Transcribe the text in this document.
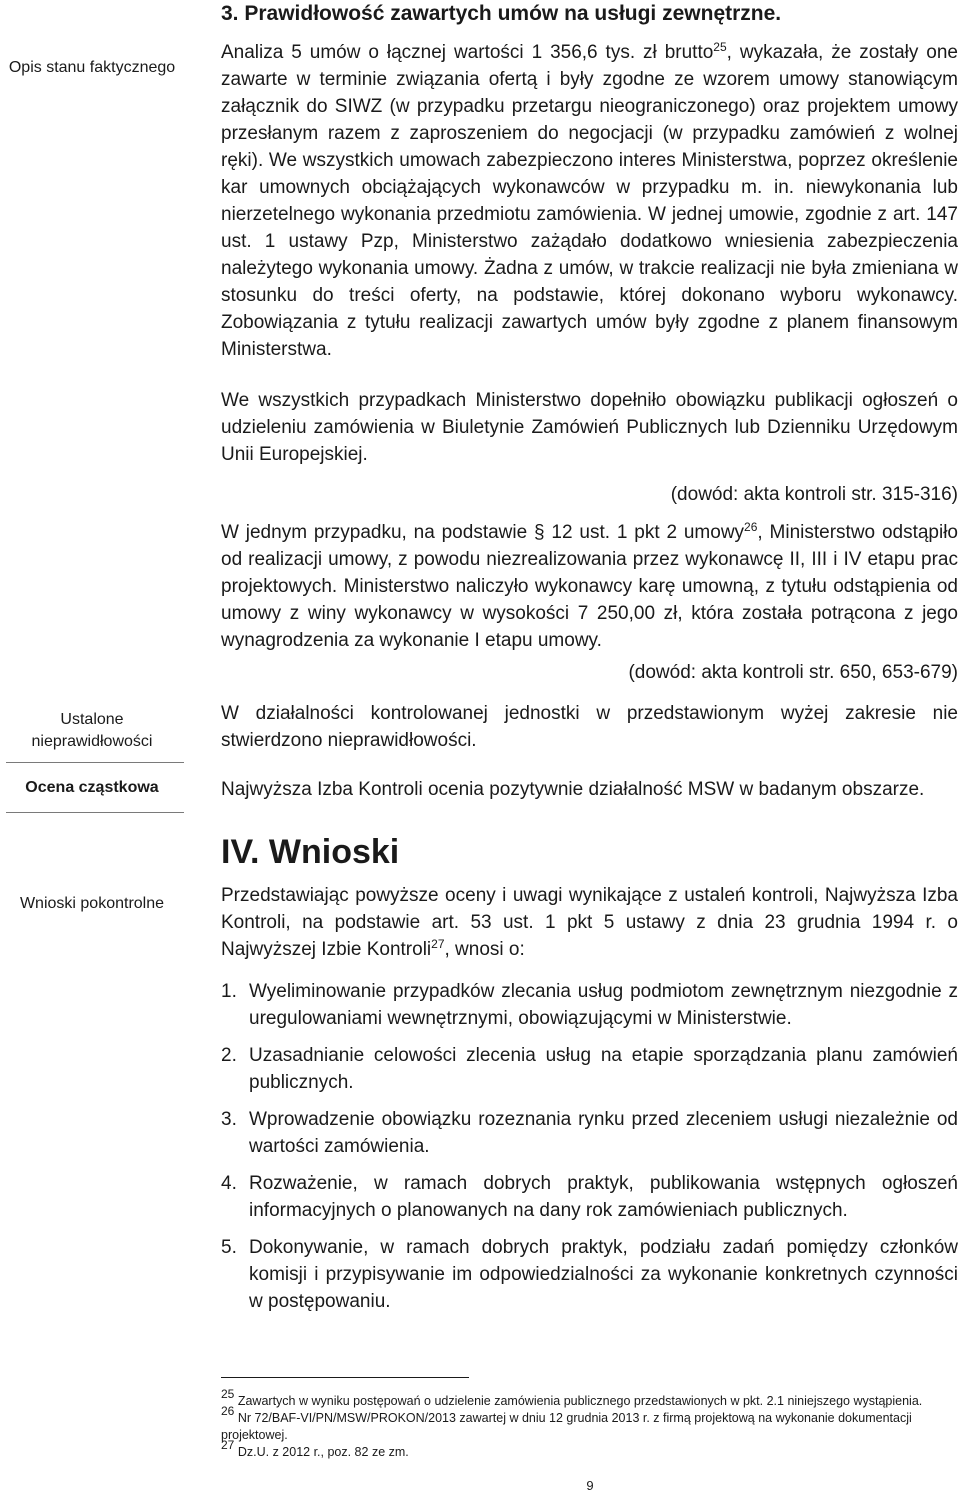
Opis stanu faktycznego
Ustalone nieprawidłowości
Ocena cząstkowa
Wnioski pokontrolne
3. Prawidłowość zawartych umów na usługi zewnętrzne.

Analiza 5 umów o łącznej wartości 1 356,6 tys. zł brutto$^{25}$, wykazała, że zostały one zawarte w terminie związania ofertą i były zgodne ze wzorem umowy stanowiącym załącznik do SIWZ (w przypadku przetargu nieograniczonego) oraz projektem umowy przesłanym razem z zaproszeniem do negocjacji (w przypadku zamówień z wolnej ręki). We wszystkich umowach zabezpieczono interes Ministerstwa, poprzez określenie kar umownych obciążających wykonawców w przypadku m. in. niewykonania lub nierzetelnego wykonania przedmiotu zamówienia. W jednej umowie, zgodnie z art. 147 ust. 1 ustawy Pzp, Ministerstwo zażądało dodatkowo wniesienia zabezpieczenia należytego wykonania umowy. Żadna z umów, w trakcie realizacji nie była zmieniana w stosunku do treści oferty, na podstawie, której dokonano wyboru wykonawcy. Zobowiązania z tytułu realizacji zawartych umów były zgodne z planem finansowym Ministerstwa.

We wszystkich przypadkach Ministerstwo dopełniło obowiązku publikacji ogłoszeń o udzieleniu zamówienia w Biuletynie Zamówień Publicznych lub Dzienniku Urzędowym Unii Europejskiej.

(dowód: akta kontroli str. 315-316)

W jednym przypadku, na podstawie § 12 ust. 1 pkt 2 umowy$^{26}$, Ministerstwo odstąpiło od realizacji umowy, z powodu niezrealizowania przez wykonawcę II, III i IV etapu prac projektowych. Ministerstwo naliczyło wykonawcy karę umowną, z tytułu odstąpienia od umowy z winy wykonawcy w wysokości 7 250,00 zł, która została potrącona z jego wynagrodzenia za wykonanie I etapu umowy.

(dowód: akta kontroli str. 650, 653-679)

W działalności kontrolowanej jednostki w przedstawionym wyżej zakresie nie stwierdzono nieprawidłowości.

Najwyższa Izba Kontroli ocenia pozytywnie działalność MSW w badanym obszarze.

IV. Wnioski

Przedstawiając powyższe oceny i uwagi wynikające z ustaleń kontroli, Najwyższa Izba Kontroli, na podstawie art. 53 ust. 1 pkt 5 ustawy z dnia 23 grudnia 1994 r. o Najwyższej Izbie Kontroli$^{27}$, wnosi o:

1. Wyeliminowanie przypadków zlecania usług podmiotom zewnętrznym niezgodnie z uregulowaniami wewnętrznymi, obowiązującymi w Ministerstwie.
2. Uzasadnianie celowości zlecenia usług na etapie sporządzania planu zamówień publicznych.
3. Wprowadzenie obowiązku rozeznania rynku przed zleceniem usługi niezależnie od wartości zamówienia.
4. Rozważenie, w ramach dobrych praktyk, publikowania wstępnych ogłoszeń informacyjnych o planowanych na dany rok zamówieniach publicznych.
5. Dokonywanie, w ramach dobrych praktyk, podziału zadań pomiędzy członków komisji i przypisywanie im odpowiedzialności za wykonanie konkretnych czynności w postępowaniu.
$^{25}$ Zawartych w wyniku postępowań o udzielenie zamówienia publicznego przedstawionych w pkt. 2.1 niniejszego wystąpienia.
$^{26}$ Nr 72/BAF-VI/PN/MSW/PROKON/2013 zawartej w dniu 12 grudnia 2013 r. z firmą projektową na wykonanie dokumentacji projektowej.
$^{27}$ Dz.U. z 2012 r., poz. 82 ze zm.
9
